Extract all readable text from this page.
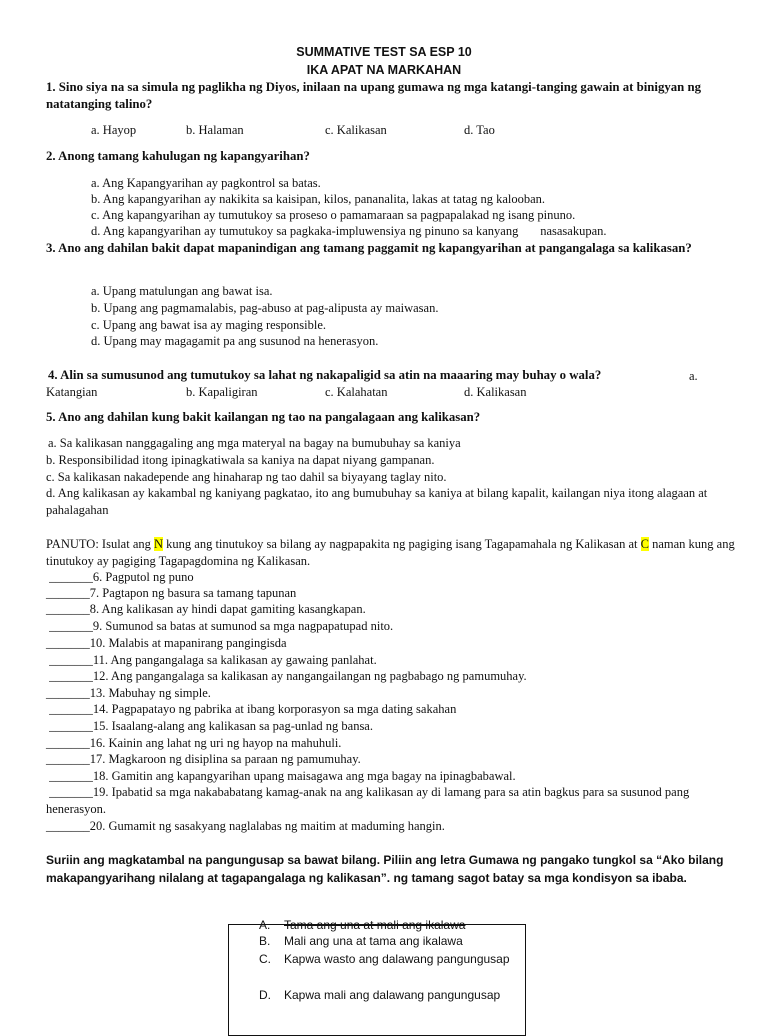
SUMMATIVE TEST SA ESP 10
IKA APAT NA MARKAHAN
1. Sino siya na sa simula ng paglikha ng Diyos, inilaan na upang gumawa ng mga katangi-tanging gawain at binigyan ng natatanging talino?
a. Hayop	b. Halaman	c. Kalikasan	d. Tao
2. Anong tamang kahulugan ng kapangyarihan?
a. Ang Kapangyarihan ay pagkontrol sa batas.
b. Ang kapangyarihan ay nakikita sa kaisipan, kilos, pananalita, lakas at tatag ng kalooban.
c. Ang kapangyarihan ay tumutukoy sa proseso o pamamaraan sa pagpapalakad ng isang pinuno.
d. Ang kapangyarihan ay tumutukoy sa pagkaka-impluwensiya ng pinuno sa kanyang       nasasakupan.
3. Ano ang dahilan bakit dapat mapanindigan ang tamang paggamit ng kapangyarihan at pangangalaga sa kalikasan?
a. Upang matulungan ang bawat isa.
b. Upang ang pagmamalabis, pag-abuso at pag-alipusta ay maiwasan.
c. Upang ang bawat isa ay maging responsible.
d. Upang may magagamit pa ang susunod na henerasyon.
4. Alin sa sumusunod ang tumutukoy sa lahat ng nakapaligid sa atin na maaaring may buhay o wala?	a.
Katangian	b. Kapaligiran	c. Kalahatan	d. Kalikasan
5. Ano ang dahilan kung bakit kailangan ng tao na pangalagaan ang kalikasan?
a. Sa kalikasan nanggagaling ang mga materyal na bagay na bumubuhay sa kaniya
b. Responsibilidad itong ipinagkatiwala sa kaniya na dapat niyang gampanan.
c. Sa kalikasan nakadepende ang hinaharap ng tao dahil sa biyayang taglay nito.
d. Ang kalikasan ay kakambal ng kaniyang pagkatao, ito ang bumubuhay sa kaniya at bilang kapalit, kailangan niya itong alagaan at pahalagahan
PANUTO: Isulat ang N kung ang tinutukoy sa bilang ay nagpapakita ng pagiging isang Tagapamahala ng Kalikasan at C naman kung ang tinutukoy ay pagiging Tagapagdomina ng Kalikasan.
_______6. Pagputol ng puno
_______7. Pagtapon ng basura sa tamang tapunan
_______8. Ang kalikasan ay hindi dapat gamiting kasangkapan.
_______9. Sumunod sa batas at sumunod sa mga nagpapatupad nito.
_______10. Malabis at mapanirang pangingisda
_______11. Ang pangangalaga sa kalikasan ay gawaing panlahat.
_______12. Ang pangangalaga sa kalikasan ay nangangailangan ng pagbabago ng pamumuhay.
_______13. Mabuhay ng simple.
_______14. Pagpapatayo ng pabrika at ibang korporasyon sa mga dating sakahan
_______15. Isaalang-alang ang kalikasan sa pag-unlad ng bansa.
_______16. Kainin ang lahat ng uri ng hayop na mahuhuli.
_______17. Magkaroon ng disiplina sa paraan ng pamumuhay.
_______18. Gamitin ang kapangyarihan upang maisagawa ang mga bagay na ipinagbabawal.
_______19. Ipabatid sa mga nakababatang kamag-anak na ang kalikasan ay di lamang para sa atin bagkus para sa susunod pang henerasyon.
_______20. Gumamit ng sasakyang naglalabas ng maitim at maduming hangin.
Suriin ang magkatambal na pangungusap sa bawat bilang. Piliin ang letra Gumawa ng pangako tungkol sa “Ako bilang makapangyarihang nilalang at tagapangalaga ng kalikasan”. ng tamang sagot batay sa mga kondisyon sa ibaba.
A. Tama ang una at mali ang ikalawa
B. Mali ang una at tama ang ikalawa
C. Kapwa wasto ang dalawang pangungusap
D. Kapwa mali ang dalawang pangungusap
